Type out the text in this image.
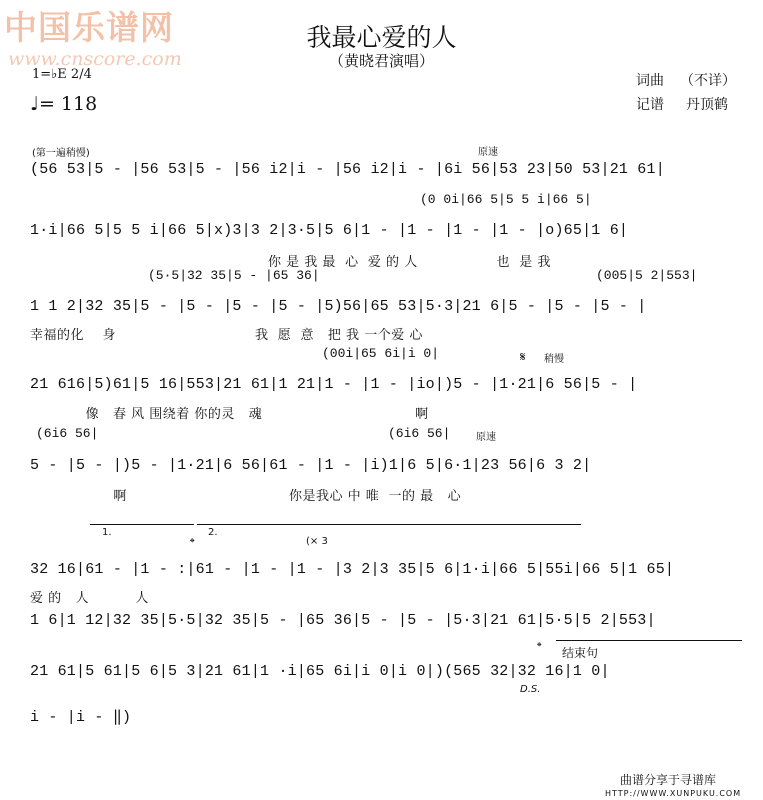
中国乐谱网
www.cnscore.com
我最心爱的人
（黄晓君演唱）
1=♭E 2/4
♩= 118
词曲 （不详）
记谱 丹顶鹤
(第一遍稍慢)	原速
(56 53|5 - |56 53|5 - |56 i2|i - |56 i2|i - |6i 56|53 23|50 53|21 61|
(0 0i|66 5|5 5 i|66 5|
1·i|66 5|5 5 i|66 5|x)3|3 2|3·5|5 6|1 - |1 - |1 - |1 - |o)65|1 6|
你 是 我 最  心  爱 的 人                 也  是 我
(5·5|32 35|5 - |65 36|	(005|5 2|553|
1 1 2|32 35|5 - |5 - |5 - |5 - |5)56|65 53|5·3|21 6|5 - |5 - |5 - |
幸福的化    身                              我  愿  意   把 我 一个爱 心
(00i|65 6i|i 0|	𝄋 稍慢
21 616|5)61|5 16|553|21 61|1 21|1 - |1 - |io|)5 - |1·21|6 56|5 - |
像   春 风 围绕着 你的灵   魂                                 啊
(6i6 56|	(6i6 56|	原速
5 - |5 - |)5 - |1·21|6 56|61 - |1 - |i)1|6 5|6·1|23 56|6 3 2|
啊                                   你是我心 中 唯  一的 最   心
1.	2.
𝄌	(× 3
32 16|61 - |1 - :|61 - |1 - |1 - |3 2|3 35|5 6|1·i|66 5|55i|66 5|1 65|
爱 的   人          人
1 6|1 12|32 35|5·5|32 35|5 - |65 36|5 - |5 - |5·3|21 61|5·5|5 2|553|
𝄌 结束句
21 61|5 61|5 6|5 3|21 61|1 ·i|65 6i|i 0|i 0|)(565 32|32 16|1 0|
D.S.
i - |i - ‖)
曲谱分享于寻谱库
HTTP://WWW.XUNPUKU.COM
